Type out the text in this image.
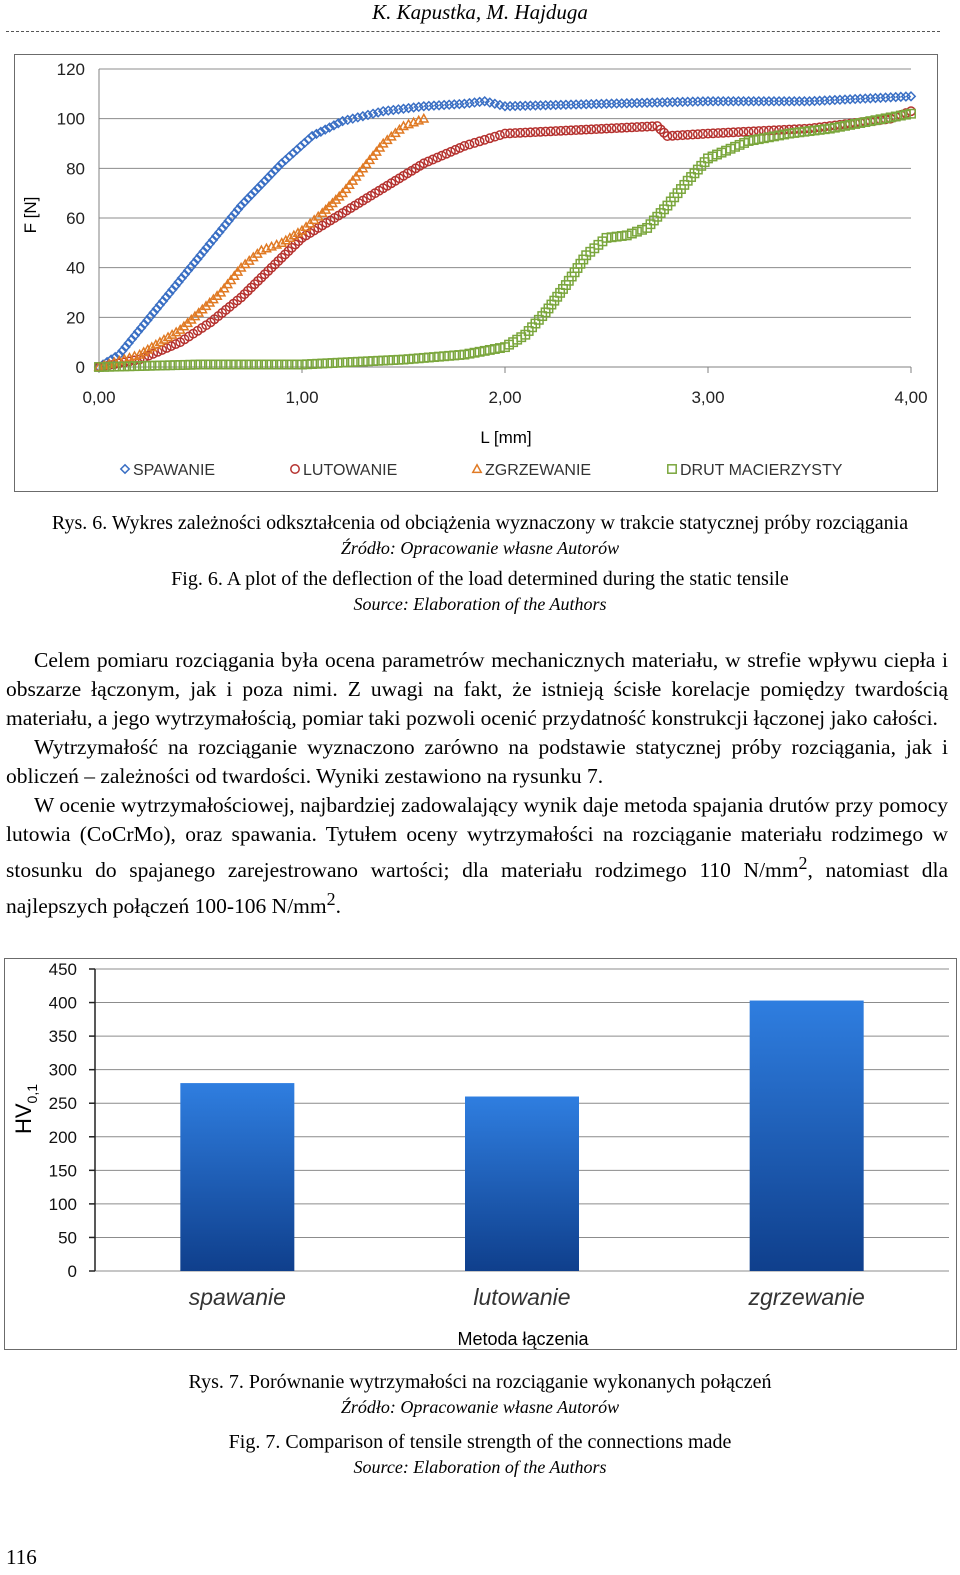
K. Kapustka, M. Hajduga
0
20
40
60
80
100
120
0,00	1,00	2,00	3,00	4,00
F [N]
L [mm]
SPAWANIE	LUTOWANIE	ZGRZEWANIE	DRUT MACIERZYSTY
Rys. 6. Wykres zależności odkształcenia od obciążenia wyznaczony w trakcie statycznej próby rozciągania
Źródło: Opracowanie własne Autorów
Fig. 6. A plot of the deflection of the load determined during the static tensile
Source: Elaboration of the Authors

Celem pomiaru rozciągania była ocena parametrów mechanicznych materiału, w strefie wpływu ciepła i obszarze łączonym, jak i poza nimi. Z uwagi na fakt, że istnieją ścisłe korelacje pomiędzy twardością materiału, a jego wytrzymałością, pomiar taki pozwoli ocenić przydatność konstrukcji łączonej jako całości.

Wytrzymałość na rozciąganie wyznaczono zarówno na podstawie statycznej próby rozciągania, jak i obliczeń – zależności od twardości. Wyniki zestawiono na rysunku 7.

W ocenie wytrzymałościowej, najbardziej zadowalający wynik daje metoda spajania drutów przy pomocy lutowia (CoCrMo), oraz spawania. Tytułem oceny wytrzymałości na rozciąganie materiału rodzimego w stosunku do spajanego zarejestrowano wartości; dla materiału rodzimego 110 $N/mm^2$, natomiast dla najlepszych połączeń 100-106 $N/mm^2$.

0
50
100
150
200
250
300
350
400
450
spawanie	lutowanie	zgrzewanie
HV0,1
Metoda łączenia
Rys. 7. Porównanie wytrzymałości na rozciąganie wykonanych połączeń
Źródło: Opracowanie własne Autorów
Fig. 7. Comparison of tensile strength of the connections made
Source: Elaboration of the Authors
116
